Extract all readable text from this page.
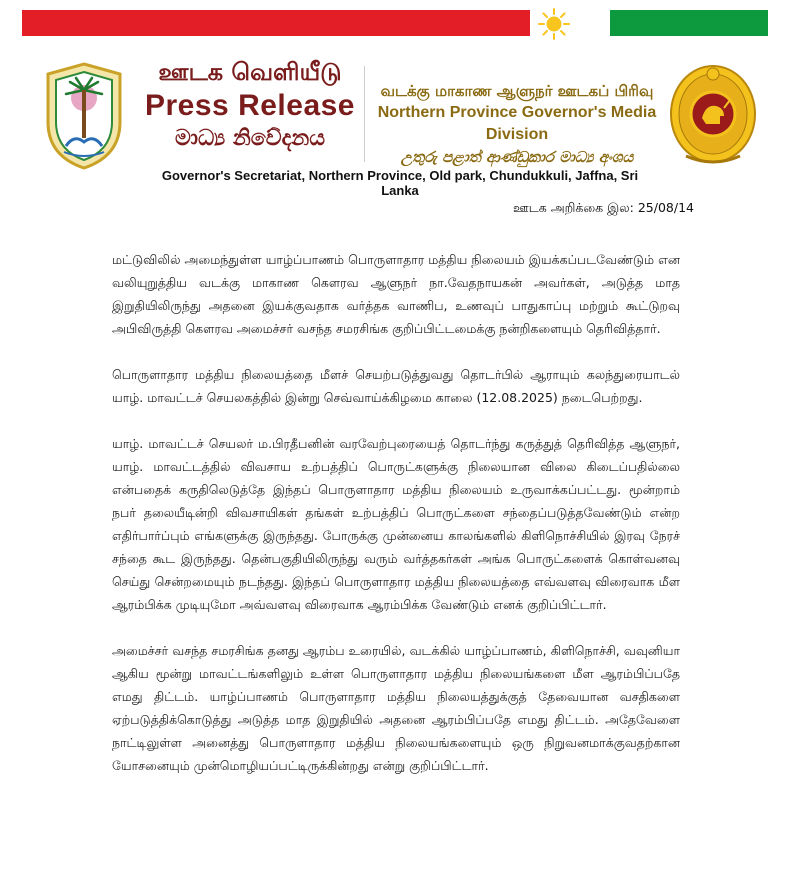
ஊடக வெளியீடு
Press Release
මාධ්‍ය නිවේදනය
வடக்கு மாகாண ஆளுநர் ஊடகப் பிரிவு
Northern Province Governor's Media Division
උතුරු පළාත් ආණ්ඩුකාර මාධ්‍ය අංශය
Governor's Secretariat, Northern Province, Old park, Chundukkuli, Jaffna, Sri Lanka
ஊடக அறிக்கை இல: 25/08/14

மட்டுவிலில் அமைந்துள்ள யாழ்ப்பாணம் பொருளாதார மத்திய நிலையம் இயக்கப்படவேண்டும் என வலியுறுத்திய வடக்கு மாகாண கௌரவ ஆளுநர் நா.வேதநாயகன் அவர்கள், அடுத்த மாத இறுதியிலிருந்து அதனை இயக்குவதாக வர்த்தக வாணிப, உணவுப் பாதுகாப்பு மற்றும் கூட்டுறவு அபிவிருத்தி கௌரவ அமைச்சர் வசந்த சமரசிங்க குறிப்பிட்டமைக்கு நன்றிகளையும் தெரிவித்தார்.

பொருளாதார மத்திய நிலையத்தை மீளச் செயற்படுத்துவது தொடர்பில் ஆராயும் கலந்துரையாடல் யாழ். மாவட்டச் செயலகத்தில் இன்று செவ்வாய்க்கிழமை காலை (12.08.2025) நடைபெற்றது.

யாழ். மாவட்டச் செயலர் ம.பிரதீபனின் வரவேற்புரையைத் தொடர்ந்து கருத்துத் தெரிவித்த ஆளுநர், யாழ். மாவட்டத்தில் விவசாய உற்பத்திப் பொருட்களுக்கு நிலையான விலை கிடைப்பதில்லை என்பதைக் கருதிலெடுத்தே இந்தப் பொருளாதார மத்திய நிலையம் உருவாக்கப்பட்டது. மூன்றாம் நபர் தலையீடின்றி விவசாயிகள் தங்கள் உற்பத்திப் பொருட்களை சந்தைப்படுத்தவேண்டும் என்ற எதிர்பார்ப்பும் எங்களுக்கு இருந்தது. போருக்கு முன்னைய காலங்களில் கிளிநொச்சியில் இரவு நேரச் சந்தை கூட இருந்தது. தென்பகுதியிலிருந்து வரும் வர்த்தகர்கள் அங்க பொருட்களைக் கொள்வனவு செய்து சென்றமையும் நடந்தது. இந்தப் பொருளாதார மத்திய நிலையத்தை எவ்வளவு விரைவாக மீள ஆரம்பிக்க முடியுமோ அவ்வளவு விரைவாக ஆரம்பிக்க வேண்டும் எனக் குறிப்பிட்டார்.

அமைச்சர் வசந்த சமரசிங்க தனது ஆரம்ப உரையில், வடக்கில் யாழ்ப்பாணம், கிளிநொச்சி, வவுனியா ஆகிய மூன்று மாவட்டங்களிலும் உள்ள பொருளாதார மத்திய நிலையங்களை மீள ஆரம்பிப்பதே எமது திட்டம். யாழ்ப்பாணம் பொருளாதார மத்திய நிலையத்துக்குத் தேவையான வசதிகளை ஏற்படுத்திக்கொடுத்து அடுத்த மாத இறுதியில் அதனை ஆரம்பிப்பதே எமது திட்டம். அதேவேளை நாட்டிலுள்ள அனைத்து பொருளாதார மத்திய நிலையங்களையும் ஒரு நிறுவனமாக்குவதற்கான யோசனையும் முன்மொழியப்பட்டிருக்கின்றது என்று குறிப்பிட்டார்.
